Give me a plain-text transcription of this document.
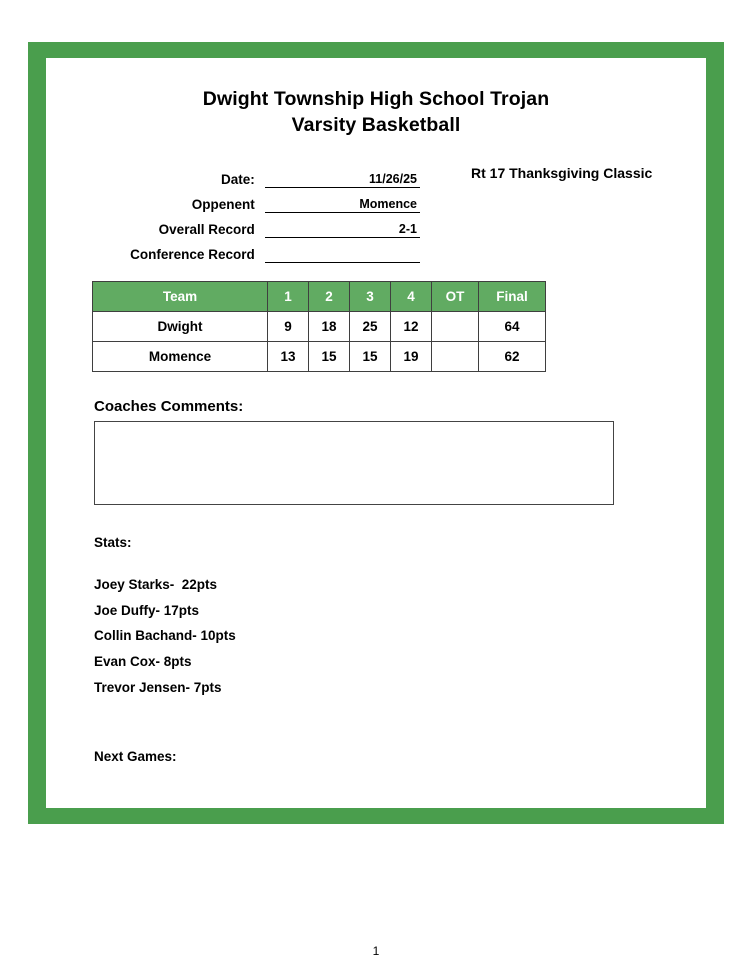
Dwight Township High School Trojan
Varsity Basketball
Date:	11/26/25
Oppenent	Momence
Overall Record	2-1
Conference Record	
Rt 17 Thanksgiving Classic
Team	1	2	3	4	OT	Final
Dwight	9	18	25	12		64
Momence	13	15	15	19		62
Coaches Comments:
Stats:
Joey Starks-  22pts
Joe Duffy- 17pts
Collin Bachand- 10pts
Evan Cox- 8pts
Trevor Jensen- 7pts
Next Games:
1
